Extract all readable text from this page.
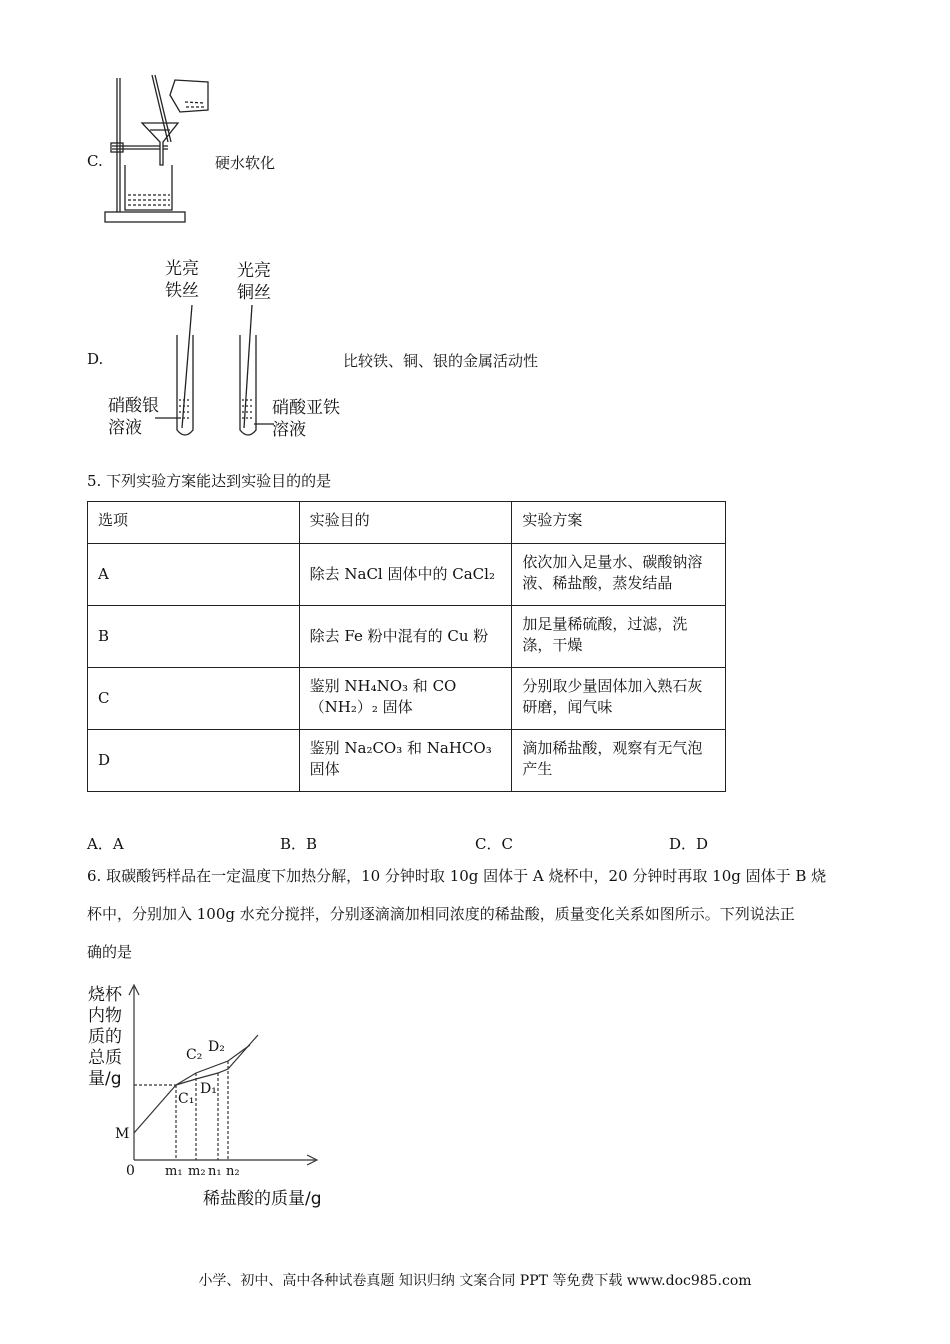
C.	硬水软化
光亮
铁丝
光亮
铜丝
硝酸银
溶液
硝酸亚铁
溶液
D.	比较铁、铜、银的金属活动性
5. 下列实验方案能达到实验目的的是
选项	实验目的	实验方案
A	除去 NaCl 固体中的 CaCl₂	依次加入足量水、碳酸钠溶液、稀盐酸，蒸发结晶
B	除去 Fe 粉中混有的 Cu 粉	加足量稀硫酸，过滤，洗涤，干燥
C	鉴别 NH₄NO₃ 和 CO（NH₂）₂ 固体	分别取少量固体加入熟石灰研磨，闻气味
D	鉴别 Na₂CO₃ 和 NaHCO₃ 固体	滴加稀盐酸，观察有无气泡产生
A．A	B．B	C．C	D．D
6. 取碳酸钙样品在一定温度下加热分解，10 分钟时取 10g 固体于 A 烧杯中，20 分钟时再取 10g 固体于 B 烧
杯中，分别加入 100g 水充分搅拌，分别逐滴滴加相同浓度的稀盐酸，质量变化关系如图所示。下列说法正
确的是
烧杯
内物
质的
总质
量/g
M
0
C₂ D₂
C₁
D₁
m₁ m₂ n₁ n₂
稀盐酸的质量/g
小学、初中、高中各种试卷真题 知识归纳 文案合同 PPT 等免费下载 www.doc985.com
